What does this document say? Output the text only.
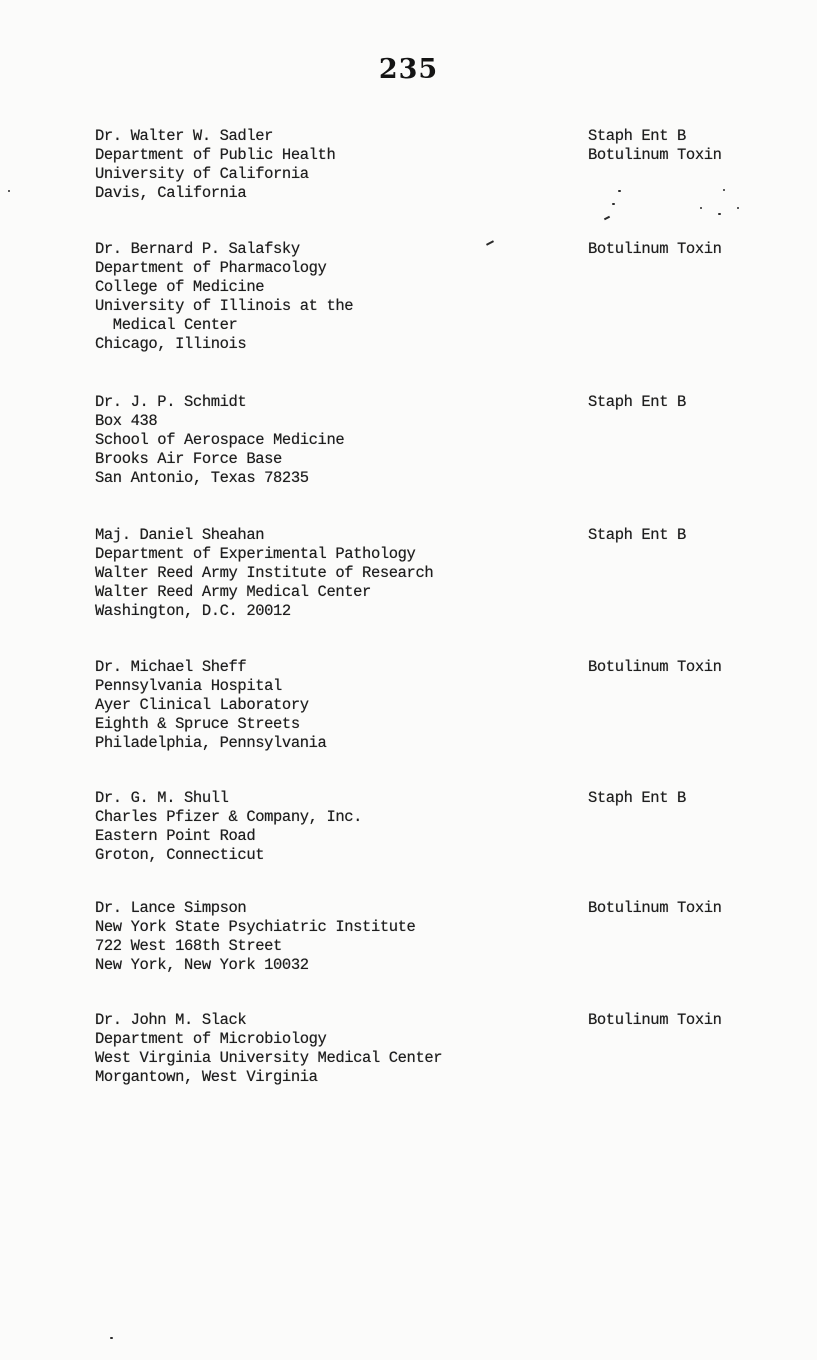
235
Dr. Walter W. Sadler
Department of Public Health
University of California
Davis, California
Staph Ent B
Botulinum Toxin
Dr. Bernard P. Salafsky
Department of Pharmacology
College of Medicine
University of Illinois at the
Medical Center
Chicago, Illinois
Botulinum Toxin
Dr. J. P. Schmidt
Box 438
School of Aerospace Medicine
Brooks Air Force Base
San Antonio, Texas 78235
Staph Ent B
Maj. Daniel Sheahan
Department of Experimental Pathology
Walter Reed Army Institute of Research
Walter Reed Army Medical Center
Washington, D.C. 20012
Staph Ent B
Dr. Michael Sheff
Pennsylvania Hospital
Ayer Clinical Laboratory
Eighth & Spruce Streets
Philadelphia, Pennsylvania
Botulinum Toxin
Dr. G. M. Shull
Charles Pfizer & Company, Inc.
Eastern Point Road
Groton, Connecticut
Staph Ent B
Dr. Lance Simpson
New York State Psychiatric Institute
722 West 168th Street
New York, New York 10032
Botulinum Toxin
Dr. John M. Slack
Department of Microbiology
West Virginia University Medical Center
Morgantown, West Virginia
Botulinum Toxin
